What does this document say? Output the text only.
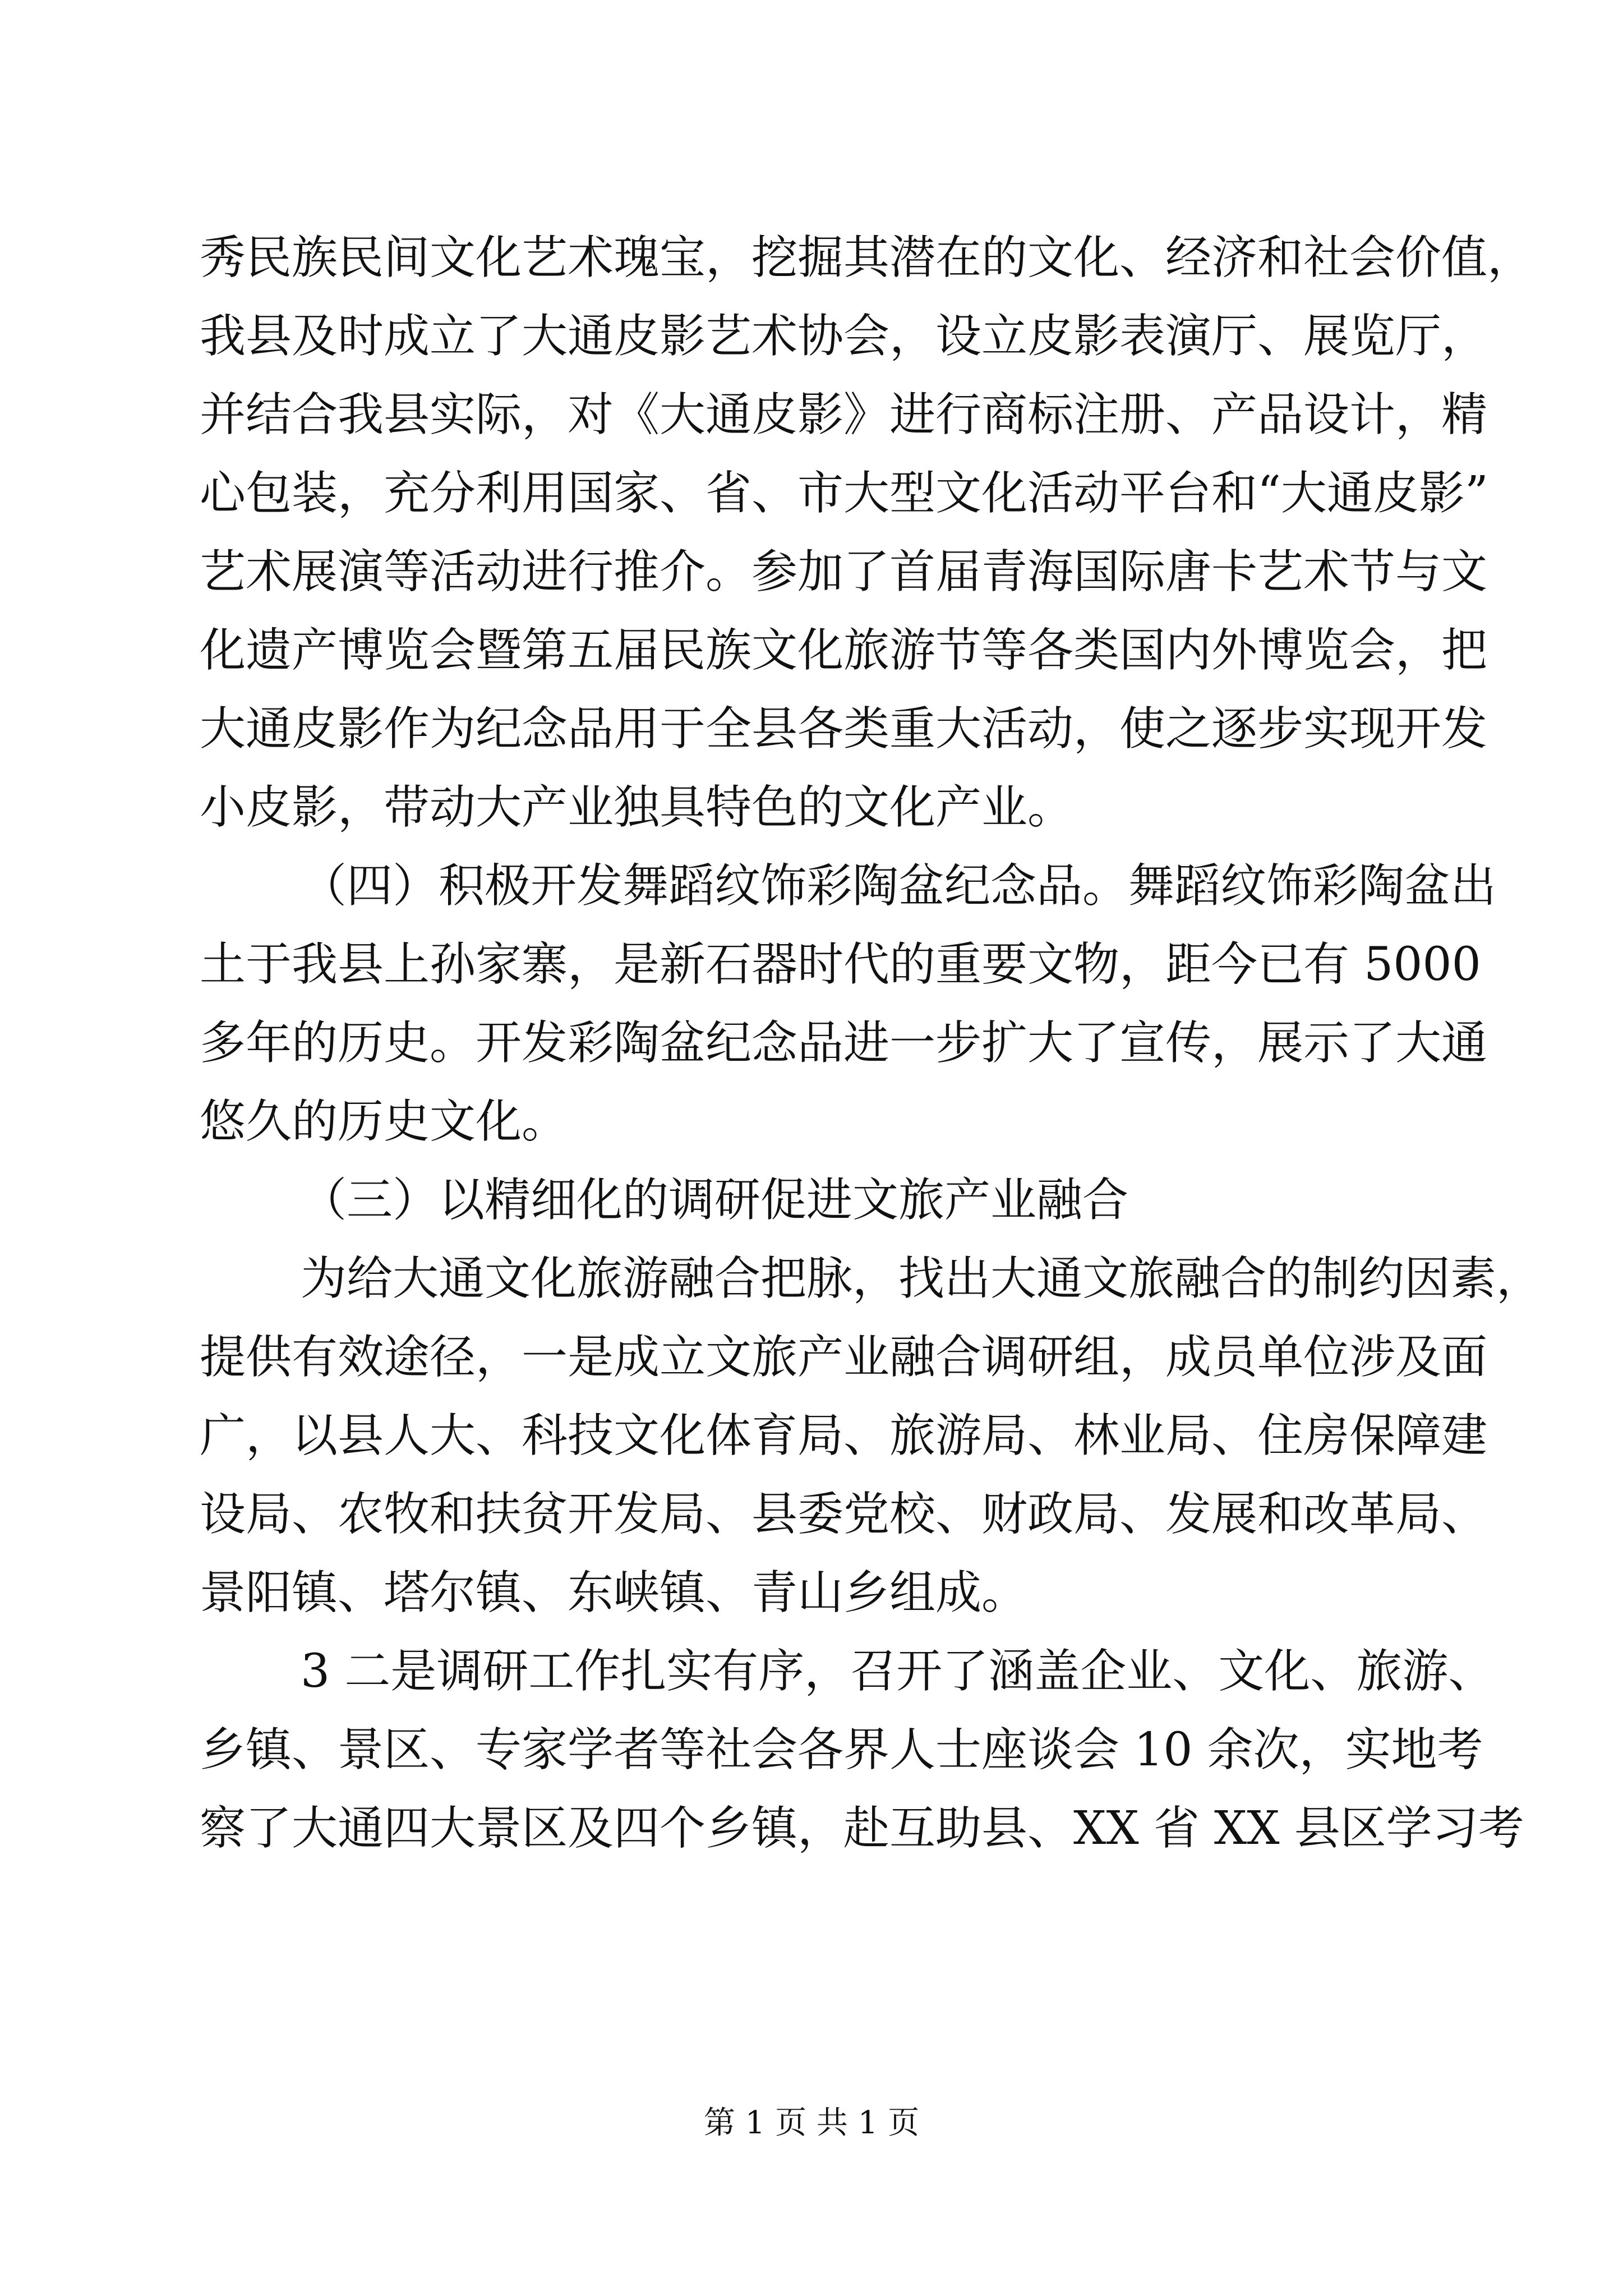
秀民族民间文化艺术瑰宝，挖掘其潜在的文化、经济和社会价值，
我县及时成立了大通皮影艺术协会，设立皮影表演厅、展览厅，
并结合我县实际，对《大通皮影》进行商标注册、产品设计，精
心包装，充分利用国家、省、市大型文化活动平台和“大通皮影”
艺术展演等活动进行推介。参加了首届青海国际唐卡艺术节与文
化遗产博览会暨第五届民族文化旅游节等各类国内外博览会，把
大通皮影作为纪念品用于全县各类重大活动，使之逐步实现开发
小皮影，带动大产业独具特色的文化产业。
（四）积极开发舞蹈纹饰彩陶盆纪念品。舞蹈纹饰彩陶盆出
土于我县上孙家寨，是新石器时代的重要文物，距今已有 5000
多年的历史。开发彩陶盆纪念品进一步扩大了宣传，展示了大通
悠久的历史文化。
（三）以精细化的调研促进文旅产业融合
为给大通文化旅游融合把脉，找出大通文旅融合的制约因素，
提供有效途径，一是成立文旅产业融合调研组，成员单位涉及面
广，以县人大、科技文化体育局、旅游局、林业局、住房保障建
设局、农牧和扶贫开发局、县委党校、财政局、发展和改革局、
景阳镇、塔尔镇、东峡镇、青山乡组成。
3 二是调研工作扎实有序，召开了涵盖企业、文化、旅游、
乡镇、景区、专家学者等社会各界人士座谈会 10 余次，实地考
察了大通四大景区及四个乡镇，赴互助县、XX 省 XX 县区学习考
第 1 页 共 1 页
